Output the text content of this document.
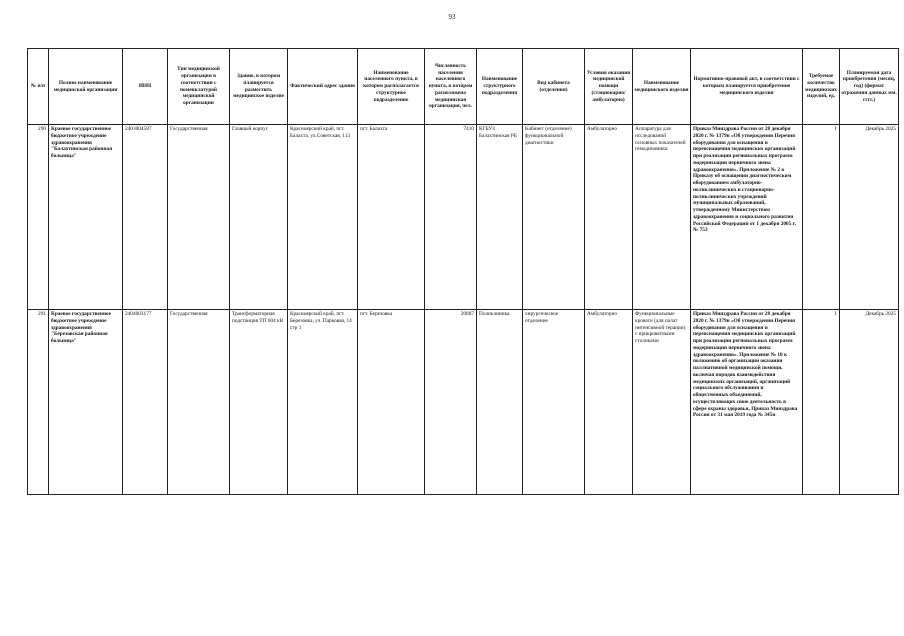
93
№ п/п	Полное наименование медицинской организации	ИНН	Тип медицинской организации в соответствии с номенклатурой медицинской организации	Здание, в котором планируется разместить медицинское изделие	Фактический адрес здания	Наименование населенного пункта, в котором располагается структурное подразделение	Численность населения населенного пункта, в котором расположена медицинская организация, чел.	Наименование структурного подразделения	Вид кабинета (отделения)	Условия оказания медицинской помощи (стационарно/ амбулаторно)	Наименование медицинского изделия	Нормативно-правовой акт, в соответствии с которым планируется приобретение медицинского изделия	Требуемое количество медицинских изделий, ед.	Планируемая дата приобретения (месяц, год) (формат отражения данных мм. гггг.)
290	Краевое государственное бюджетное учреждение здравоохранения "Балахтинская районная больница"	2403004587	Государственная	Главный корпус	Красноярский край, пгт. Балахта, ул.Советская, 113	пгт. Балахта	7410	КГБУЗ Балахтинская РБ	Кабинет (отделение) функциональной диагностики	Амбулаторно	Аппаратура для исследований основных показателей гемодинамики	Приказ Минздрава России от 28 декабря 2020 г. № 1379н «Об утверждении Перечня оборудования для оснащения и переоснащения медицинских организаций при реализации региональных программ модернизации первичного звена здравоохранения». Приложение № 2 к Приказу об оснащении диагностическим оборудованием амбулаторно-поликлинических и стационарно-поликлинических учреждений муниципальных образований, утвержденному Министерством здравоохранения и социального развития Российской Федерации от 1 декабря 2005 г. № 753	1	Декабрь 2025
291	Краевое государственное бюджетное учреждение здравоохранения "Березовская районная больница"	2404003177	Государственная	Трансформаторная подстанция ТП 604 кВ	Красноярский край, пгт. Березовка, ул. Парковая, 14 стр 1	пгт. Березовка	20887	Поликлиника	хирургическое отделение	Амбулаторно	Функциональные кровати (для палат интенсивной терапии) с прикроватными столиками	Приказ Минздрава России от 28 декабря 2020 г. № 1379н «Об утверждении Перечня оборудования для оснащения и переоснащения медицинских организаций при реализации региональных программ модернизации первичного звена здравоохранения». Приложение № 10 к положению об организации оказания паллиативной медицинской помощи, включая порядок взаимодействия медицинских организаций, организаций социального обслуживания и общественных объединений, осуществляющих свою деятельность в сфере охраны здоровья, Приказ Минздрава России от 31 мая 2019 года № 345н	1	Декабрь 2025
